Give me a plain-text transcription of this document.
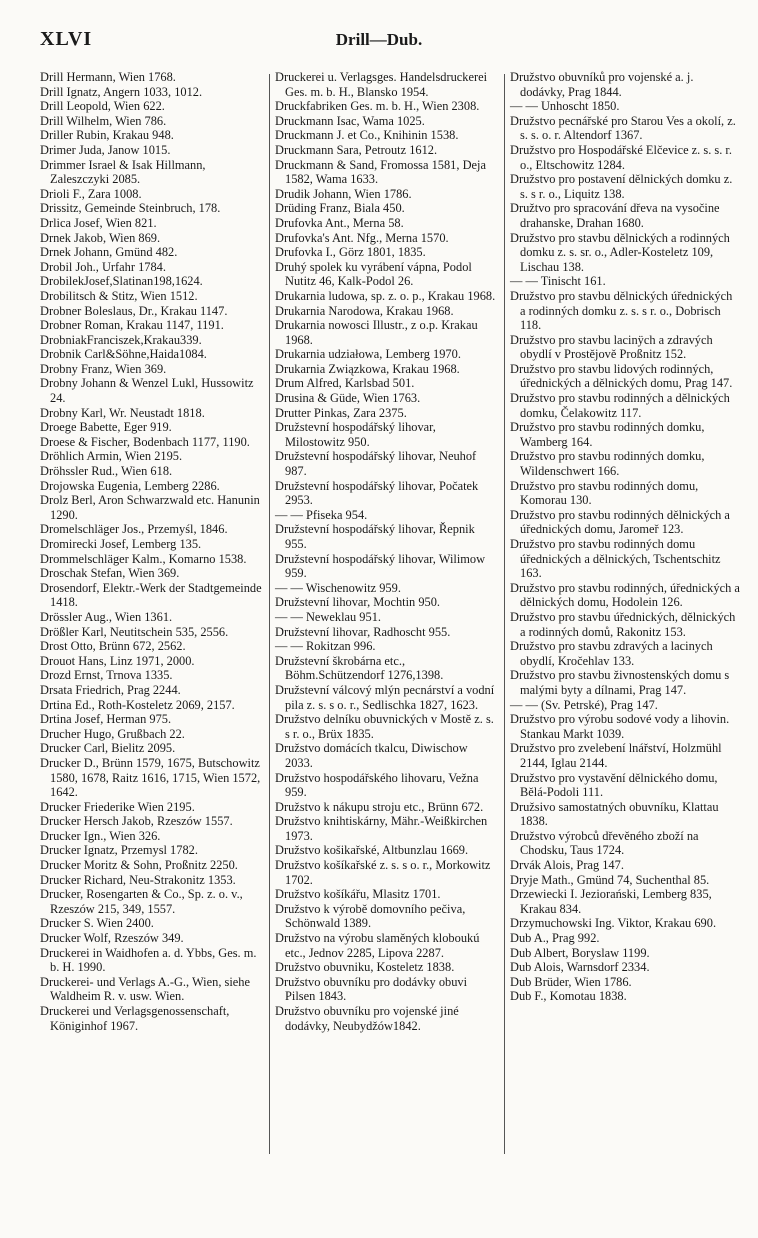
XLVI	Drill—Dub.
Drill Hermann, Wien 1768.
Drill Ignatz, Angern 1033, 1012.
Drill Leopold, Wien 622.
Drill Wilhelm, Wien 786.
Driller Rubin, Krakau 948.
Drimer Juda, Janow 1015.
Drimmer Israel & Isak Hillmann, Zaleszczyki 2085.
Drioli F., Zara 1008.
Drissitz, Gemeinde Steinbruch, 178.
Drlica Josef, Wien 821.
Drnek Jakob, Wien 869.
Drnek Johann, Gmünd 482.
Drobil Joh., Urfahr 1784.
DrobilekJosef,Slatinan198,1624.
Drobilitsch & Stitz, Wien 1512.
Drobner Boleslaus, Dr., Krakau 1147.
Drobner Roman, Krakau 1147, 1191.
DrobniakFranciszek,Krakau339.
Drobnik Carl&Söhne,Haida1084.
Drobny Franz, Wien 369.
Drobny Johann & Wenzel Lukl, Hussowitz 24.
Drobny Karl, Wr. Neustadt 1818.
Droege Babette, Eger 919.
Droese & Fischer, Bodenbach 1177, 1190.
Dröhlich Armin, Wien 2195.
Dröhssler Rud., Wien 618.
Drojowska Eugenia, Lemberg 2286.
Drolz Berl, Aron Schwarzwald etc. Hanunin 1290.
Dromelschläger Jos., Przemyśl, 1846.
Dromirecki Josef, Lemberg 135.
Drommelschläger Kalm., Komarno 1538.
Droschak Stefan, Wien 369.
Drosendorf, Elektr.-Werk der Stadtgemeinde 1418.
Drössler Aug., Wien 1361.
Drößler Karl, Neutitschein 535, 2556.
Drost Otto, Brünn 672, 2562.
Drouot Hans, Linz 1971, 2000.
Drozd Ernst, Trnova 1335.
Drsata Friedrich, Prag 2244.
Drtina Ed., Roth-Kosteletz 2069, 2157.
Drtina Josef, Herman 975.
Drucher Hugo, Grußbach 22.
Drucker Carl, Bielitz 2095.
Drucker D., Brünn 1579, 1675, Butschowitz 1580, 1678, Raitz 1616, 1715, Wien 1572, 1642.
Drucker Friederike Wien 2195.
Drucker Hersch Jakob, Rzeszów 1557.
Drucker Ign., Wien 326.
Drucker Ignatz, Przemysl 1782.
Drucker Moritz & Sohn, Proßnitz 2250.
Drucker Richard, Neu-Strakonitz 1353.
Drucker, Rosengarten & Co., Sp. z. o. v., Rzeszów 215, 349, 1557.
Drucker S. Wien 2400.
Drucker Wolf, Rzeszów 349.
Druckerei in Waidhofen a. d. Ybbs, Ges. m. b. H. 1990.
Druckerei- und Verlags A.-G., Wien, siehe Waldheim R. v. usw. Wien.
Druckerei und Verlagsgenossenschaft, Königinhof 1967.
Druckerei u. Verlagsges. Handelsdruckerei Ges. m. b. H., Blansko 1954.
Druckfabriken Ges. m. b. H., Wien 2308.
Druckmann Isac, Wama 1025.
Druckmann J. et Co., Knihinin 1538.
Druckmann Sara, Petroutz 1612.
Druckmann & Sand, Fromossa 1581, Deja 1582, Wama 1633.
Drudik Johann, Wien 1786.
Drüding Franz, Biala 450.
Drufovka Ant., Merna 58.
Drufovka's Ant. Nfg., Merna 1570.
Drufovka I., Görz 1801, 1835.
Druhý spolek ku vyrábení vápna, Podol Nutitz 46, Kalk-Podol 26.
Drukarnia ludowa, sp. z. o. p., Krakau 1968.
Drukarnia Narodowa, Krakau 1968.
Drukarnia nowosci Illustr., z o.p. Krakau 1968.
Drukarnia udziałowa, Lemberg 1970.
Drukarnia Związkowa, Krakau 1968.
Drum Alfred, Karlsbad 501.
Drusina & Güde, Wien 1763.
Drutter Pinkas, Zara 2375.
Družstevní hospodářský lihovar, Milostowitz 950.
Družstevní hospodářský lihovar, Neuhof 987.
Družstevní hospodářský lihovar, Počatek 2953.
— — Pfiseka 954.
Družstevní hospodářský lihovar, Řepnik 955.
Družstevní hospodářský lihovar, Wilimow 959.
— — Wischenowitz 959.
Družstevní lihovar, Mochtin 950.
— — Neweklau 951.
Družstevní lihovar, Radhoscht 955.
— — Rokitzan 996.
Družstevní škrobárna etc., Böhm.Schützendorf 1276,1398.
Družstevní válcový mlýn pecnárství a vodní pila z. s. s o. r., Sedlischka 1827, 1623.
Družstvo delníku obuvnických v Mostě z. s. s r. o., Brüx 1835.
Družstvo domácích tkalcu, Diwischow 2033.
Družstvo hospodářského lihovaru, Vežna 959.
Družstvo k nákupu stroju etc., Brünn 672.
Družstvo knihtiskárny, Mähr.-Weißkirchen 1973.
Družstvo košikařské, Altbunzlau 1669.
Družstvo košíkařské z. s. s o. r., Morkowitz 1702.
Družstvo košíkářu, Mlasitz 1701.
Družstvo k výrobě domovního pečiva, Schönwald 1389.
Družstvo na výrobu slaměných kloboukú etc., Jednov 2285, Lipova 2287.
Družstvo obuvniku, Kosteletz 1838.
Družstvo obuvníku pro dodávky obuvi Pilsen 1843.
Družstvo obuvníku pro vojenské jiné dodávky, Neubydžów1842.
Družstvo obuvníků pro vojenské a. j. dodávky, Prag 1844.
— — Unhoscht 1850.
Družstvo pecnářské pro Starou Ves a okolí, z. s. s. o. r. Altendorf 1367.
Družstvo pro Hospodářské Elčevice z. s. s. r. o., Eltschowitz 1284.
Družstvo pro postavení dělnických domku z. s. s r. o., Liquitz 138.
Družtvo pro spracování dřeva na vysočine drahanske, Drahan 1680.
Družstvo pro stavbu dělnických a rodinných domku z. s. sr. o., Adler-Kosteletz 109, Lischau 138.
— — Tinischt 161.
Družstvo pro stavbu dělnických úřednických a rodinných domku z. s. s r. o., Dobrisch 118.
Družstvo pro stavbu lacinÿch a zdravých obydlí v Prostějově Proßnitz 152.
Družstvo pro stavbu lidových rodinných, úřednických a dělnických domu, Prag 147.
Družstvo pro stavbu rodinných a dělnických domku, Čelakowitz 117.
Družstvo pro stavbu rodinných domku, Wamberg 164.
Družstvo pro stavbu rodinných domku, Wildenschwert 166.
Družstvo pro stavbu rodinných domu, Komorau 130.
Družstvo pro stavbu rodinných dělnických a úřednických domu, Jaromeř 123.
Družstvo pro stavbu rodinných domu úřednických a dělnických, Tschentschitz 163.
Družstvo pro stavbu rodinných, úřednických a dělnických domu, Hodolein 126.
Družstvo pro stavbu úřednických, dělnických a rodinných domů, Rakonitz 153.
Družstvo pro stavbu zdravých a lacinych obydlí, Kročehlav 133.
Družstvo pro stavbu živnostenských domu s malými byty a dílnami, Prag 147.
— — (Sv. Petrské), Prag 147.
Družstvo pro výrobu sodové vody a lihovin. Stankau Markt 1039.
Družstvo pro zvelebení lnářství, Holzmühl 2144, Iglau 2144.
Družstvo pro vystavění dělnického domu, Bělá-Podoli 111.
Družsivo samostatných obuvníku, Klattau 1838.
Družstvo výrobců dřevěného zboží na Chodsku, Taus 1724.
Drvák Alois, Prag 147.
Dryje Math., Gmünd 74, Suchenthal 85.
Drzewiecki I. Jeziorański, Lemberg 835, Krakau 834.
Drzymuchowski Ing. Viktor, Krakau 690.
Dub A., Prag 992.
Dub Albert, Boryslaw 1199.
Dub Alois, Warnsdorf 2334.
Dub Brüder, Wien 1786.
Dub F., Komotau 1838.
